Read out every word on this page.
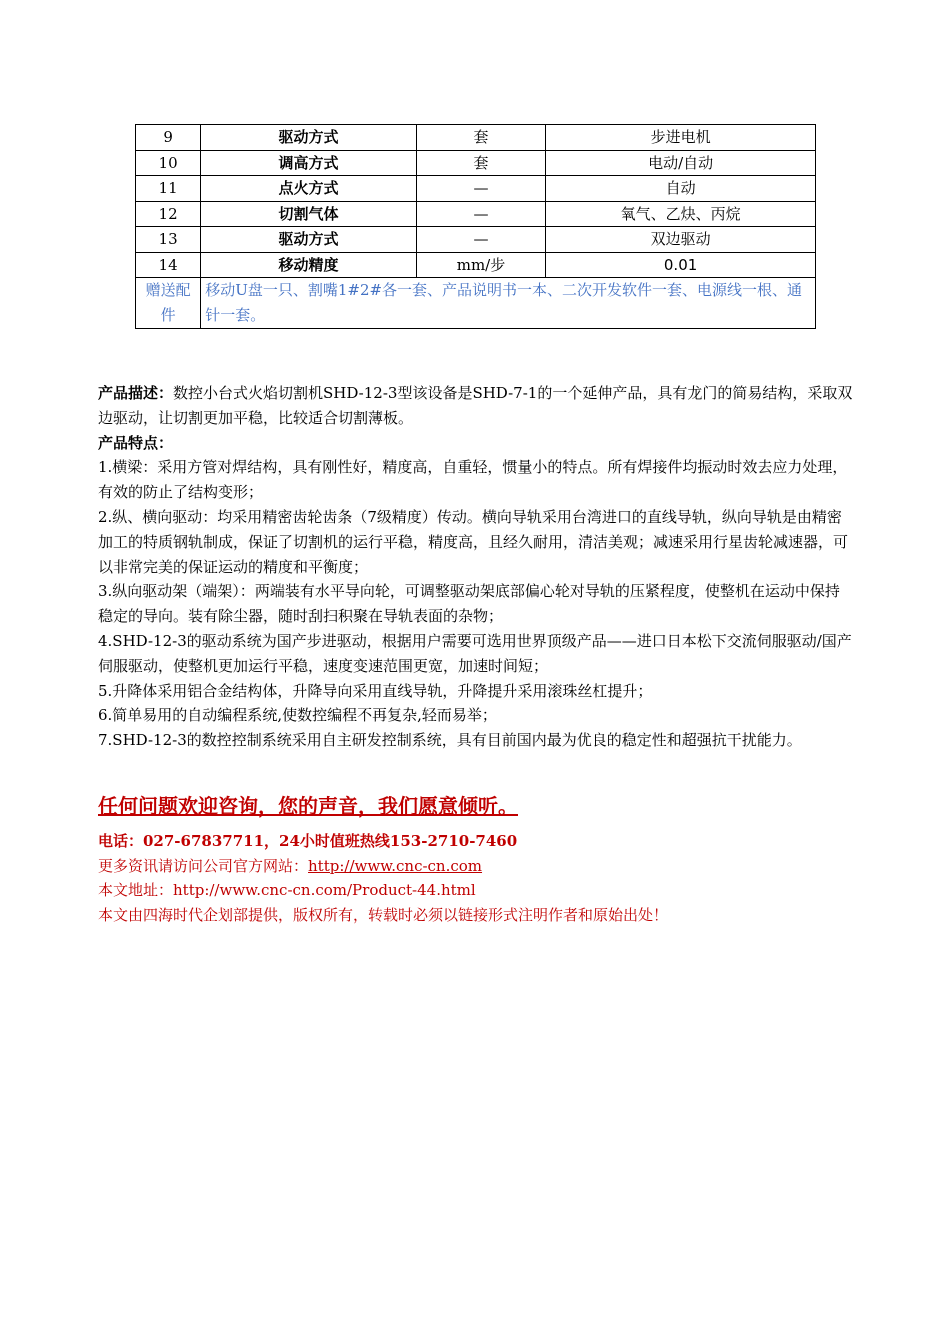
9	驱动方式	套	步进电机
10	调高方式	套	电动/自动
11	点火方式	—	自动
12	切割气体	—	氧气、乙炔、丙烷
13	驱动方式	—	双边驱动
14	移动精度	mm/步	0.01
赠送配件	移动U盘一只、割嘴1#2#各一套、产品说明书一本、二次开发软件一套、电源线一根、通针一套。		

产品描述：数控小台式火焰切割机SHD-12-3型该设备是SHD-7-1的一个延伸产品，具有龙门的简易结构，采取双边驱动，让切割更加平稳，比较适合切割薄板。

产品特点：

1.横梁：采用方管对焊结构，具有刚性好，精度高，自重轻，惯量小的特点。所有焊接件均振动时效去应力处理，有效的防止了结构变形；

2.纵、横向驱动：均采用精密齿轮齿条（7级精度）传动。横向导轨采用台湾进口的直线导轨，纵向导轨是由精密加工的特质钢轨制成，保证了切割机的运行平稳，精度高，且经久耐用，清洁美观；减速采用行星齿轮减速器，可以非常完美的保证运动的精度和平衡度；

3.纵向驱动架（端架）：两端装有水平导向轮，可调整驱动架底部偏心轮对导轨的压紧程度，使整机在运动中保持稳定的导向。装有除尘器，随时刮扫积聚在导轨表面的杂物；

4.SHD-12-3的驱动系统为国产步进驱动，根据用户需要可选用世界顶级产品——进口日本松下交流伺服驱动/国产伺服驱动，使整机更加运行平稳，速度变速范围更宽，加速时间短；

5.升降体采用铝合金结构体，升降导向采用直线导轨，升降提升采用滚珠丝杠提升；

6.简单易用的自动编程系统,使数控编程不再复杂,轻而易举；

7.SHD-12-3的数控控制系统采用自主研发控制系统，具有目前国内最为优良的稳定性和超强抗干扰能力。

任何问题欢迎咨询，您的声音，我们愿意倾听。

电话：027-67837711，24小时值班热线153-2710-7460

更多资讯请访问公司官方网站：http://www.cnc-cn.com

本文地址：http://www.cnc-cn.com/Product-44.html

本文由四海时代企划部提供，版权所有，转载时必须以链接形式注明作者和原始出处！
